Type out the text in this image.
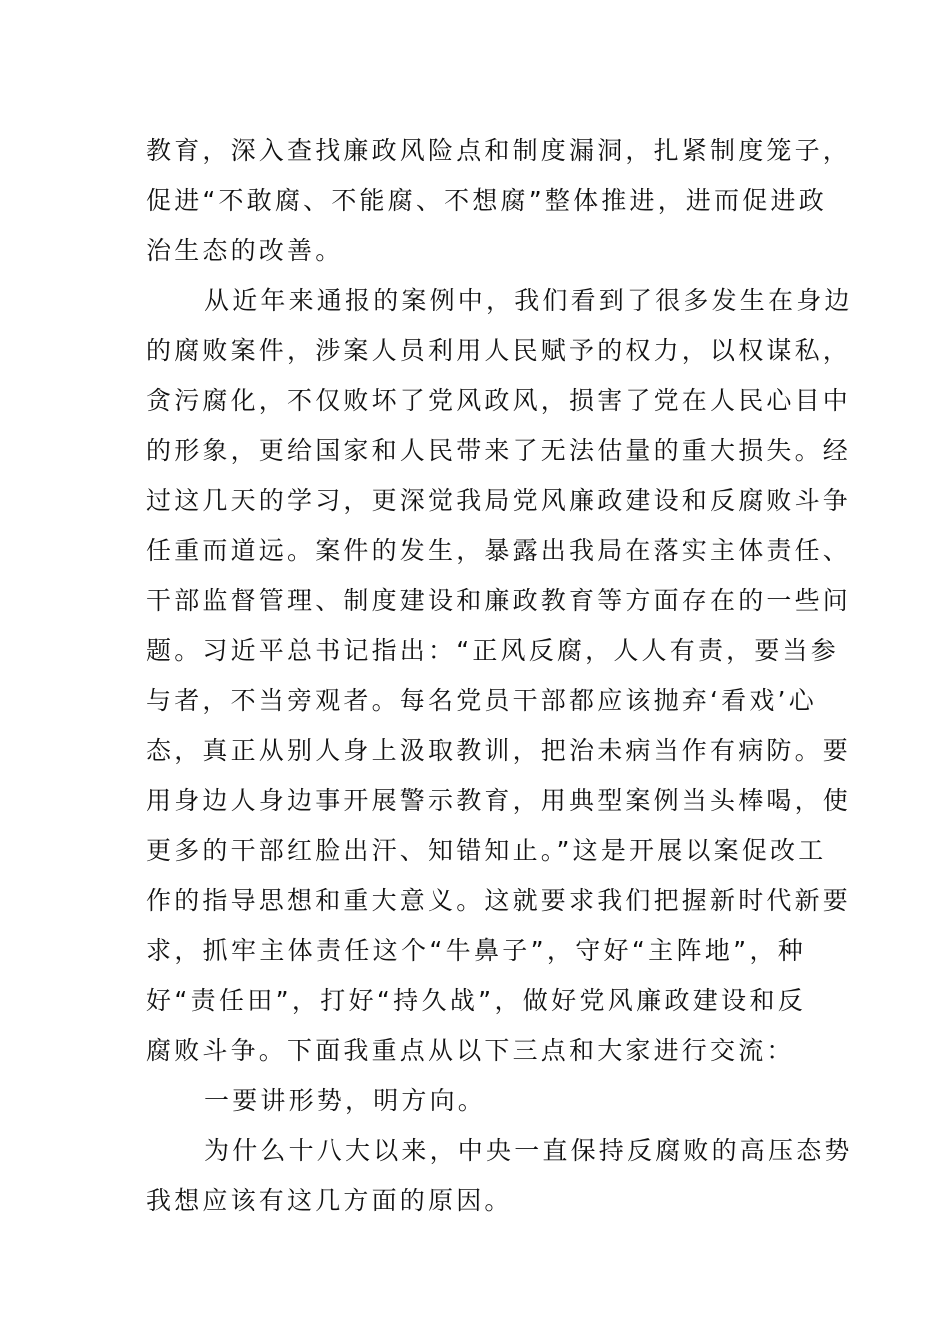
教育，深入查找廉政风险点和制度漏洞，扎紧制度笼子，
促进“不敢腐、不能腐、不想腐”整体推进，进而促进政
治生态的改善。
从近年来通报的案例中，我们看到了很多发生在身边
的腐败案件，涉案人员利用人民赋予的权力，以权谋私，
贪污腐化，不仅败坏了党风政风，损害了党在人民心目中
的形象，更给国家和人民带来了无法估量的重大损失。经
过这几天的学习，更深觉我局党风廉政建设和反腐败斗争
任重而道远。案件的发生，暴露出我局在落实主体责任、
干部监督管理、制度建设和廉政教育等方面存在的一些问
题。习近平总书记指出：“正风反腐，人人有责，要当参
与者，不当旁观者。每名党员干部都应该抛弃‘看戏’心
态，真正从别人身上汲取教训，把治未病当作有病防。要
用身边人身边事开展警示教育，用典型案例当头棒喝，使
更多的干部红脸出汗、知错知止。”这是开展以案促改工
作的指导思想和重大意义。这就要求我们把握新时代新要
求，抓牢主体责任这个“牛鼻子”，守好“主阵地”，种
好“责任田”，打好“持久战”，做好党风廉政建设和反
腐败斗争。下面我重点从以下三点和大家进行交流：
一要讲形势，明方向。
为什么十八大以来，中央一直保持反腐败的高压态势
我想应该有这几方面的原因。
